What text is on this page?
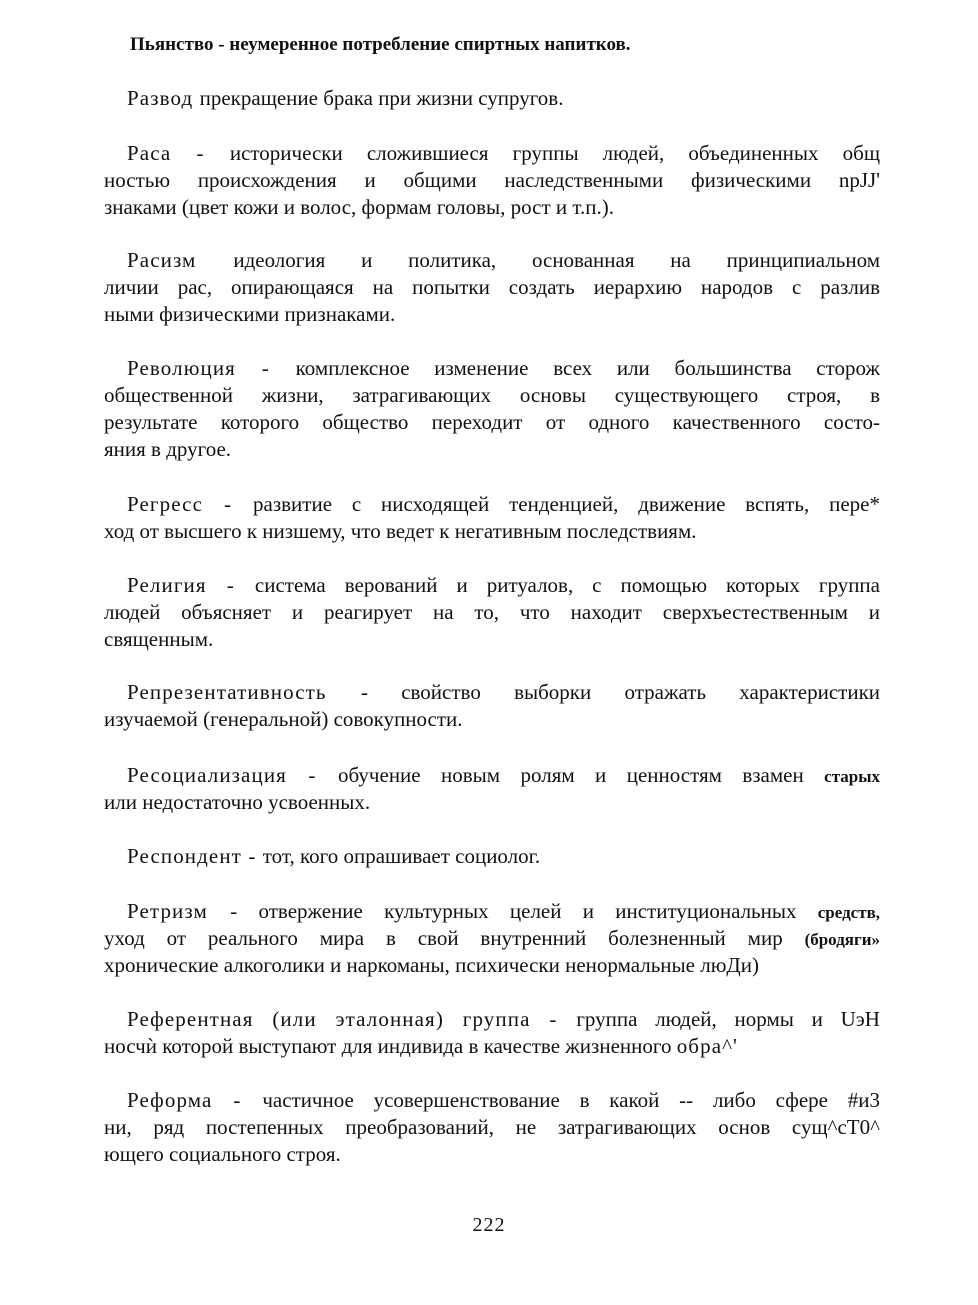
Пьянство - неумеренное потребление спиртных напитков.
Развод прекращение брака при жизни супругов.
Раса - исторически сложившиеся группы людей, объединенных общ
ностью происхождения и общими наследственными физическими npJJ'
знаками (цвет кожи и волос, формам головы, рост и т.п.).
Расизм идеология и политика, основанная на принципиальном
личии рас, опирающаяся на попытки создать иерархию народов с разлив
ными физическими признаками.
Революция - комплексное изменение всех или большинства сторож
общественной жизни, затрагивающих основы существующего строя, в
результате которого общество переходит от одного качественного состо-
яния в другое.
Регресс - развитие с нисходящей тенденцией, движение вспять, пере*
ход от высшего к низшему, что ведет к негативным последствиям.
Религия - система верований и ритуалов, с помощью которых группа
людей объясняет и реагирует на то, что находит сверхъестественным и
священным.
Репрезентативность - свойство выборки отражать характеристики
изучаемой (генеральной) совокупности.
Ресоциализация - обучение новым ролям и ценностям взамен старых
или недостаточно усвоенных.
Респондент - тот, кого опрашивает социолог.
Ретризм - отвержение культурных целей и институциональных средств,
уход от реального мира в свой внутренний болезненный мир (бродяги»
хронические алкоголики и наркоманы, психически ненормальные люДи)
Референтная (или эталонная) группа - группа людей, нормы и UэН
носчѝ которой выступают для индивида в качестве жизненного обра^'
Реформа - частичное усовершенствование в какой -- либо сфере #и3
ни, ряд постепенных преобразований, не затрагивающих основ сущ^cT0^
ющего социального строя.
222
